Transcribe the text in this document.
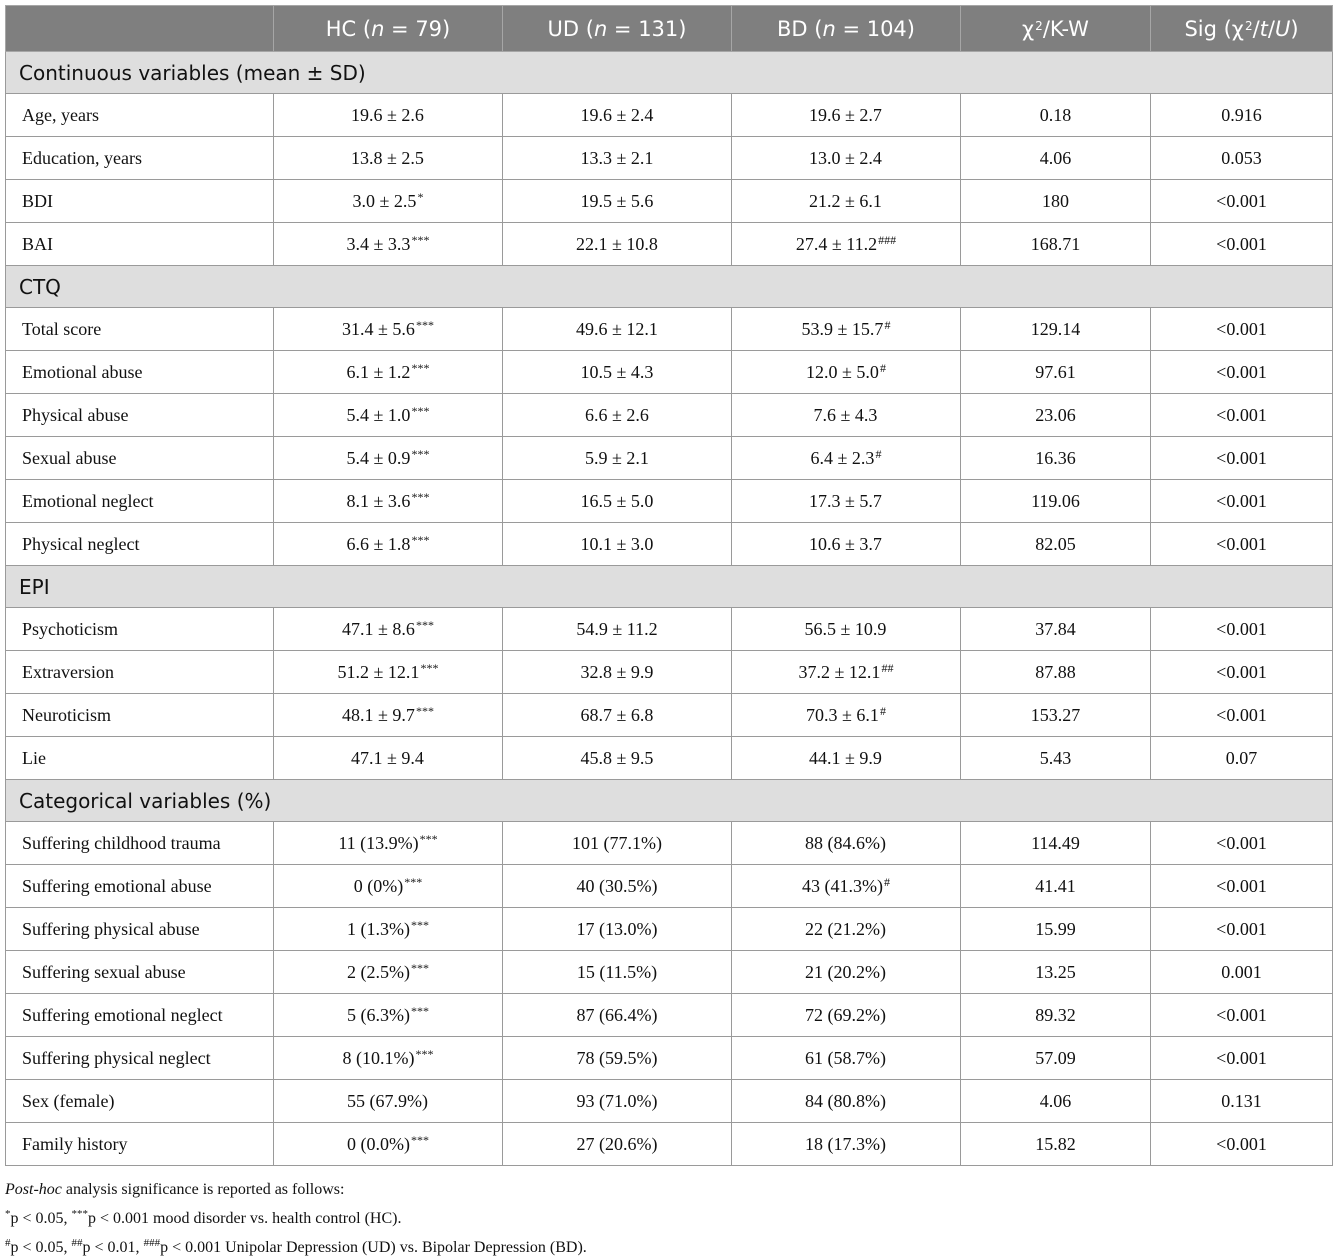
	HC (n = 79)	UD (n = 131)	BD (n = 104)	$\chi^2/K-W$	Sig $(\chi^2/t/U)$
Continuous variables (mean ± SD)					
Age, years	19.6 ± 2.6	19.6 ± 2.4	19.6 ± 2.7	0.18	0.916
Education, years	13.8 ± 2.5	13.3 ± 2.1	13.0 ± 2.4	4.06	0.053
BDI	3.0 ± 2.5*	19.5 ± 5.6	21.2 ± 6.1	180	<0.001
BAI	3.4 ± 3.3***	22.1 ± 10.8	27.4 ± 11.2###	168.71	<0.001
CTQ					
Total score	31.4 ± 5.6***	49.6 ± 12.1	53.9 ± 15.7#	129.14	<0.001
Emotional abuse	6.1 ± 1.2***	10.5 ± 4.3	12.0 ± 5.0#	97.61	<0.001
Physical abuse	5.4 ± 1.0***	6.6 ± 2.6	7.6 ± 4.3	23.06	<0.001
Sexual abuse	5.4 ± 0.9***	5.9 ± 2.1	6.4 ± 2.3#	16.36	<0.001
Emotional neglect	8.1 ± 3.6***	16.5 ± 5.0	17.3 ± 5.7	119.06	<0.001
Physical neglect	6.6 ± 1.8***	10.1 ± 3.0	10.6 ± 3.7	82.05	<0.001
EPI					
Psychoticism	47.1 ± 8.6***	54.9 ± 11.2	56.5 ± 10.9	37.84	<0.001
Extraversion	51.2 ± 12.1***	32.8 ± 9.9	37.2 ± 12.1##	87.88	<0.001
Neuroticism	48.1 ± 9.7***	68.7 ± 6.8	70.3 ± 6.1#	153.27	<0.001
Lie	47.1 ± 9.4	45.8 ± 9.5	44.1 ± 9.9	5.43	0.07
Categorical variables (%)					
Suffering childhood trauma	11 (13.9%)***	101 (77.1%)	88 (84.6%)	114.49	<0.001
Suffering emotional abuse	0 (0%)***	40 (30.5%)	43 (41.3%)#	41.41	<0.001
Suffering physical abuse	1 (1.3%)***	17 (13.0%)	22 (21.2%)	15.99	<0.001
Suffering sexual abuse	2 (2.5%)***	15 (11.5%)	21 (20.2%)	13.25	0.001
Suffering emotional neglect	5 (6.3%)***	87 (66.4%)	72 (69.2%)	89.32	<0.001
Suffering physical neglect	8 (10.1%)***	78 (59.5%)	61 (58.7%)	57.09	<0.001
Sex (female)	55 (67.9%)	93 (71.0%)	84 (80.8%)	4.06	0.131
Family history	0 (0.0%)***	27 (20.6%)	18 (17.3%)	15.82	<0.001
Post-hoc analysis significance is reported as follows:
*p < 0.05, ***p < 0.001 mood disorder vs. health control (HC).
#p < 0.05, ##p < 0.01, ###p < 0.001 Unipolar Depression (UD) vs. Bipolar Depression (BD).
